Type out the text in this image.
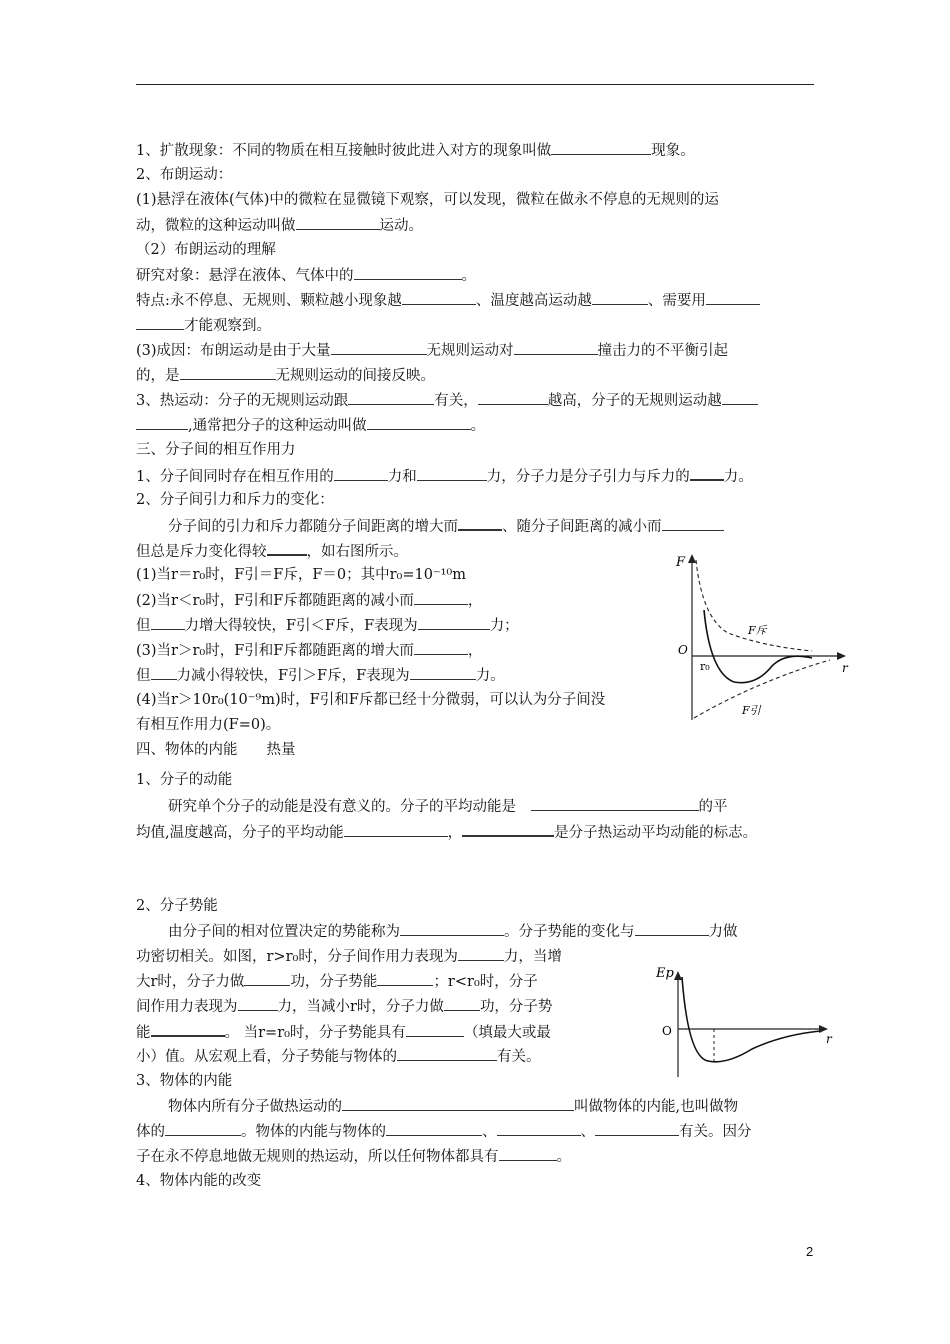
1、扩散现象：不同的物质在相互接触时彼此进入对方的现象叫做	现象。
2、布朗运动：
(1)悬浮在液体(气体)中的微粒在显微镜下观察，可以发现，微粒在做永不停息的无规则的运
动，微粒的这种运动叫做	运动。
（2）布朗运动的理解
研究对象：悬浮在液体、气体中的	。
特点:永不停息、无规则、颗粒越小现象越	、温度越高运动越	、需要用
才能观察到。
(3)成因：布朗运动是由于大量	无规则运动对	撞击力的不平衡引起
的，是	无规则运动的间接反映。
3、热运动：分子的无规则运动跟	有关，	越高，分子的无规则运动越
,通常把分子的这种运动叫做	。
三、分子间的相互作用力
1、分子间同时存在相互作用的	力和	力，分子力是分子引力与斥力的 力。
2、分子间引力和斥力的变化：
分子间的引力和斥力都随分子间距离的增大而	、随分子间距离的减小而
但总是斥力变化得较	，如右图所示。
(1)当r＝r₀时，F引＝F斥，F＝0；其中r₀=10⁻¹⁰m
(2)当r＜r₀时，F引和F斥都随距离的减小而	，
但 力增大得较快，F引＜F斥，F表现为	力；
(3)当r＞r₀时，F引和F斥都随距离的增大而	，
但 力减小得较快，F引＞F斥，F表现为	力。
(4)当r＞10r₀(10⁻⁹m)时，F引和F斥都已经十分微弱，可以认为分子间没
有相互作用力(F=0)。
四、物体的内能　　热量
1、分子的动能
研究单个分子的动能是没有意义的。分子的平均动能是　	的平
均值,温度越高，分子的平均动能	，	是分子热运动平均动能的标志。
2、分子势能
由分子间的相对位置决定的势能称为	。分子势能的变化与	力做
功密切相关。如图，r>r₀时，分子间作用力表现为	力，当增
大r时，分子力做	功，分子势能	；r<r₀时，分子
间作用力表现为	力，当减小r时，分子力做 功，分子势
能	。 当r=r₀时，分子势能具有	（填最大或最
小）值。从宏观上看，分子势能与物体的	有关。
3、物体的内能
物体内所有分子做热运动的	叫做物体的内能,也叫做物
体的	。物体的内能与物体的	、	、	有关。因分
子在永不停息地做无规则的热运动，所以任何物体都具有	。
4、物体内能的改变
F
r
O
r₀
F斥
F引
Ep
r
O
2
